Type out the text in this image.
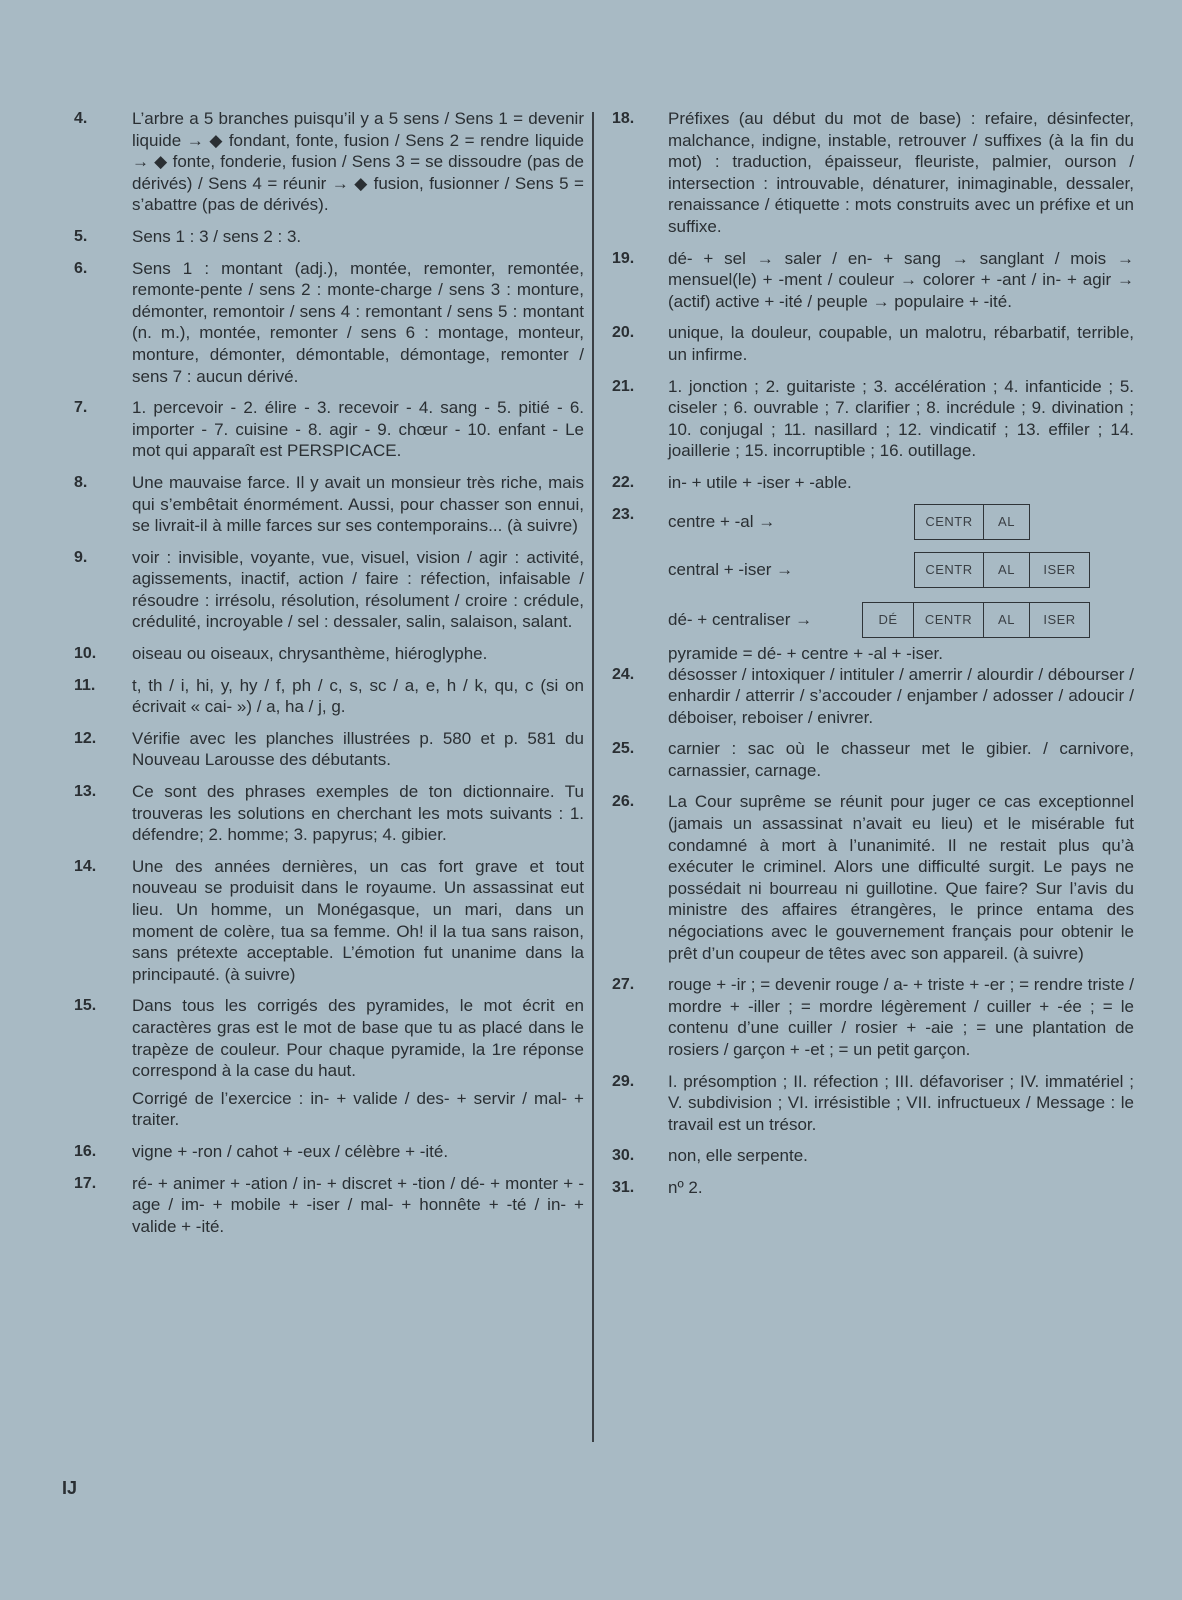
4.	L’arbre a 5 branches puisqu’il y a 5 sens / Sens 1 = devenir liquide → ◆ fondant, fonte, fusion / Sens 2 = rendre liquide → ◆ fonte, fonderie, fusion / Sens 3 = se dissoudre (pas de dérivés) / Sens 4 = réunir → ◆ fusion, fusionner / Sens 5 = s’abattre (pas de dérivés).
5.	Sens 1 : 3 / sens 2 : 3.
6.	Sens 1 : montant (adj.), montée, remonter, remontée, remonte-pente / sens 2 : monte-charge / sens 3 : monture, démonter, remontoir / sens 4 : remontant / sens 5 : montant (n. m.), montée, remonter / sens 6 : montage, monteur, monture, démonter, démontable, démontage, remonter / sens 7 : aucun dérivé.
7.	1. percevoir - 2. élire - 3. recevoir - 4. sang - 5. pitié - 6. importer - 7. cuisine - 8. agir - 9. chœur - 10. enfant - Le mot qui apparaît est PERSPICACE.
8.	Une mauvaise farce. Il y avait un monsieur très riche, mais qui s’embêtait énormément. Aussi, pour chasser son ennui, se livrait-il à mille farces sur ses contemporains... (à suivre)
9.	voir : invisible, voyante, vue, visuel, vision / agir : activité, agissements, inactif, action / faire : réfection, infaisable / résoudre : irrésolu, résolution, résolument / croire : crédule, crédulité, incroyable / sel : dessaler, salin, salaison, salant.
10. oiseau ou oiseaux, chrysanthème, hiéroglyphe.
11. t, th / i, hi, y, hy / f, ph / c, s, sc / a, e, h / k, qu, c (si on écrivait « cai- ») / a, ha / j, g.
12. Vérifie avec les planches illustrées p. 580 et p. 581 du Nouveau Larousse des débutants.
13. Ce sont des phrases exemples de ton dictionnaire. Tu trouveras les solutions en cherchant les mots suivants : 1. défendre; 2. homme; 3. papyrus; 4. gibier.
14. Une des années dernières, un cas fort grave et tout nouveau se produisit dans le royaume. Un assassinat eut lieu. Un homme, un Monégasque, un mari, dans un moment de colère, tua sa femme. Oh! il la tua sans raison, sans prétexte acceptable. L’émotion fut unanime dans la principauté. (à suivre)
15. Dans tous les corrigés des pyramides, le mot écrit en caractères gras est le mot de base que tu as placé dans le trapèze de couleur. Pour chaque pyramide, la 1re réponse correspond à la case du haut.
Corrigé de l’exercice : in- + valide / des- + servir / mal- + traiter.
16. vigne + -ron / cahot + -eux / célèbre + -ité.
17. ré- + animer + -ation / in- + discret + -tion / dé- + monter + -age / im- + mobile + -iser / mal- + honnête + -té / in- + valide + -ité.
18. Préfixes (au début du mot de base) : refaire, désinfecter, malchance, indigne, instable, retrouver / suffixes (à la fin du mot) : traduction, épaisseur, fleuriste, palmier, ourson / intersection : introuvable, dénaturer, inimaginable, dessaler, renaissance / étiquette : mots construits avec un préfixe et un suffixe.
19. dé- + sel → saler / en- + sang → sanglant / mois → mensuel(le) + -ment / couleur → colorer + -ant / in- + agir → (actif) active + -ité / peuple → populaire + -ité.
20. unique, la douleur, coupable, un malotru, rébarbatif, terrible, un infirme.
21. 1. jonction ; 2. guitariste ; 3. accélération ; 4. infanticide ; 5. ciseler ; 6. ouvrable ; 7. clarifier ; 8. incrédule ; 9. divination ; 10. conjugal ; 11. nasillard ; 12. vindicatif ; 13. effiler ; 14. joaillerie ; 15. incorruptible ; 16. outillage.
22. in- + utile + -iser + -able.
23. centre + -al →	CENTR	AL
central + -iser →	CENTR	AL	ISER
dé- + centraliser →	DÉ	CENTR	AL	ISER
pyramide = dé- + centre + -al + -iser.
24. désosser / intoxiquer / intituler / amerrir / alourdir / débourser / enhardir / atterrir / s’accouder / enjamber / adosser / adoucir / déboiser, reboiser / enivrer.
25. carnier : sac où le chasseur met le gibier. / carnivore, carnassier, carnage.
26. La Cour suprême se réunit pour juger ce cas exceptionnel (jamais un assassinat n’avait eu lieu) et le misérable fut condamné à mort à l’unanimité. Il ne restait plus qu’à exécuter le criminel. Alors une difficulté surgit. Le pays ne possédait ni bourreau ni guillotine. Que faire? Sur l’avis du ministre des affaires étrangères, le prince entama des négociations avec le gouvernement français pour obtenir le prêt d’un coupeur de têtes avec son appareil. (à suivre)
27. rouge + -ir ; = devenir rouge / a- + triste + -er ; = rendre triste / mordre + -iller ; = mordre légèrement / cuiller + -ée ; = le contenu d’une cuiller / rosier + -aie ; = une plantation de rosiers / garçon + -et ; = un petit garçon.
29. I. présomption ; II. réfection ; III. défavoriser ; IV. immatériel ; V. subdivision ; VI. irrésistible ; VII. infructueux / Message : le travail est un trésor.
30. non, elle serpente.
31. nº 2.
IJ
